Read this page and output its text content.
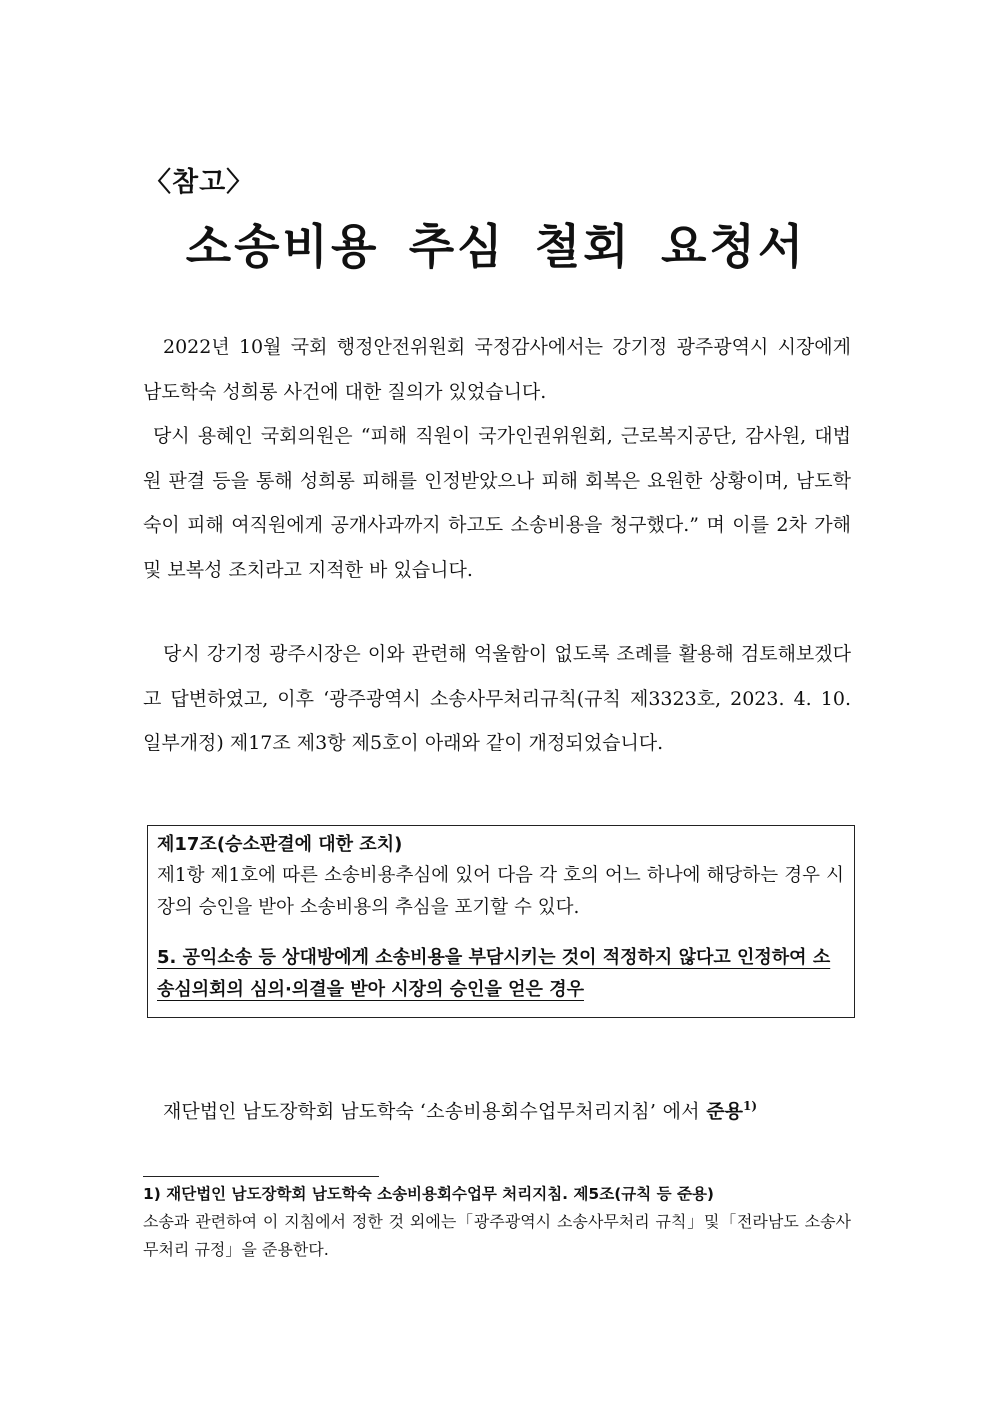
〈참고〉
소송비용 추심 철회 요청서

2022년 10월 국회 행정안전위원회 국정감사에서는 강기정 광주광역시 시장에게 남도학숙 성희롱 사건에 대한 질의가 있었습니다.

당시 용혜인 국회의원은 “피해 직원이 국가인권위원회, 근로복지공단, 감사원, 대법원 판결 등을 통해 성희롱 피해를 인정받았으나 피해 회복은 요원한 상황이며, 남도학숙이 피해 여직원에게 공개사과까지 하고도 소송비용을 청구했다.” 며 이를 2차 가해 및 보복성 조치라고 지적한 바 있습니다.

당시 강기정 광주시장은 이와 관련해 억울함이 없도록 조례를 활용해 검토해보겠다고 답변하였고, 이후 ‘광주광역시 소송사무처리규칙(규칙 제3323호, 2023. 4. 10. 일부개정) 제17조 제3항 제5호이 아래와 같이 개정되었습니다.

제17조(승소판결에 대한 조치)

제1항 제1호에 따른 소송비용추심에 있어 다음 각 호의 어느 하나에 해당하는 경우 시장의 승인을 받아 소송비용의 추심을 포기할 수 있다.

5. 공익소송 등 상대방에게 소송비용을 부담시키는 것이 적정하지 않다고 인정하여 소송심의회의 심의·의결을 받아 시장의 승인을 얻은 경우

재단법인 남도장학회 남도학숙 ‘소송비용회수업무처리지침’ 에서 준용$^{1)}$

1) 재단법인 남도장학회 남도학숙 소송비용회수업무 처리지침. 제5조(규칙 등 준용)
소송과 관련하여 이 지침에서 정한 것 외에는「광주광역시 소송사무처리 규칙」및「전라남도 소송사무처리 규정」을 준용한다.
